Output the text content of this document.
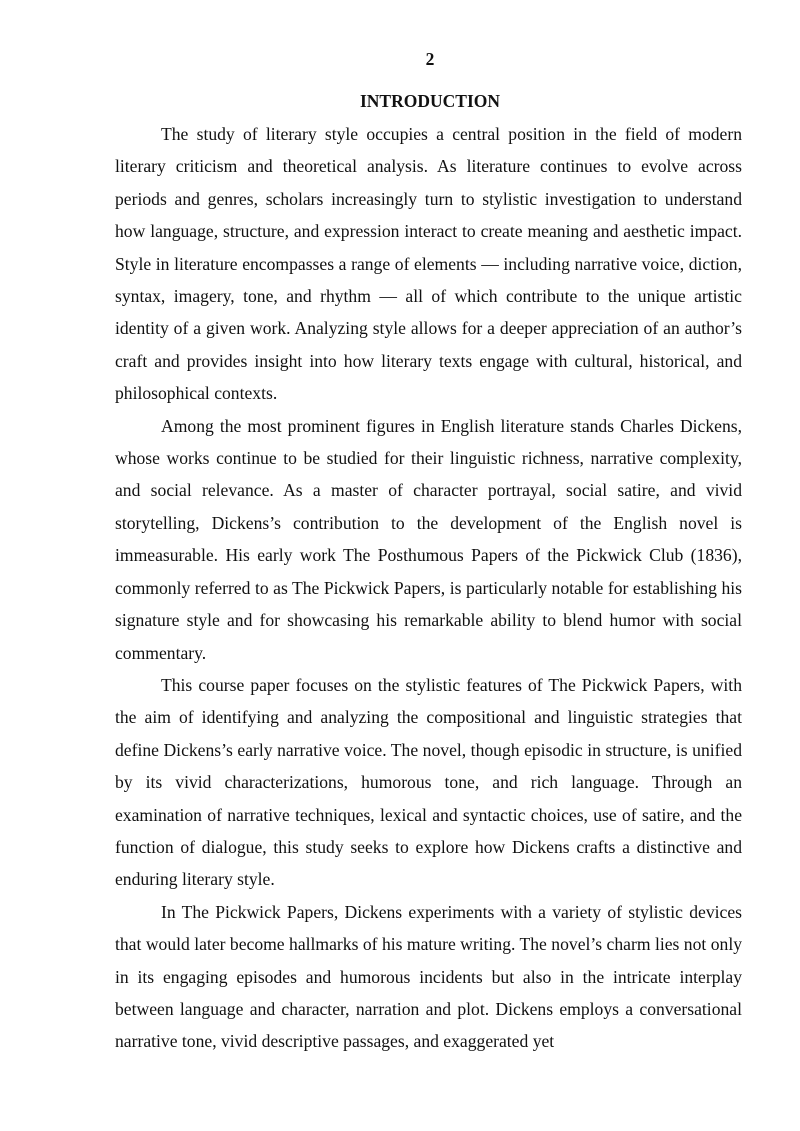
2
INTRODUCTION

The study of literary style occupies a central position in the field of modern literary criticism and theoretical analysis. As literature continues to evolve across periods and genres, scholars increasingly turn to stylistic investigation to understand how language, structure, and expression interact to create meaning and aesthetic impact. Style in literature encompasses a range of elements — including narrative voice, diction, syntax, imagery, tone, and rhythm — all of which contribute to the unique artistic identity of a given work. Analyzing style allows for a deeper appreciation of an author’s craft and provides insight into how literary texts engage with cultural, historical, and philosophical contexts.

Among the most prominent figures in English literature stands Charles Dickens, whose works continue to be studied for their linguistic richness, narrative complexity, and social relevance. As a master of character portrayal, social satire, and vivid storytelling, Dickens’s contribution to the development of the English novel is immeasurable. His early work The Posthumous Papers of the Pickwick Club (1836), commonly referred to as The Pickwick Papers, is particularly notable for establishing his signature style and for showcasing his remarkable ability to blend humor with social commentary.

This course paper focuses on the stylistic features of The Pickwick Papers, with the aim of identifying and analyzing the compositional and linguistic strategies that define Dickens’s early narrative voice. The novel, though episodic in structure, is unified by its vivid characterizations, humorous tone, and rich language. Through an examination of narrative techniques, lexical and syntactic choices, use of satire, and the function of dialogue, this study seeks to explore how Dickens crafts a distinctive and enduring literary style.

In The Pickwick Papers, Dickens experiments with a variety of stylistic devices that would later become hallmarks of his mature writing. The novel’s charm lies not only in its engaging episodes and humorous incidents but also in the intricate interplay between language and character, narration and plot. Dickens employs a conversational narrative tone, vivid descriptive passages, and exaggerated yet
